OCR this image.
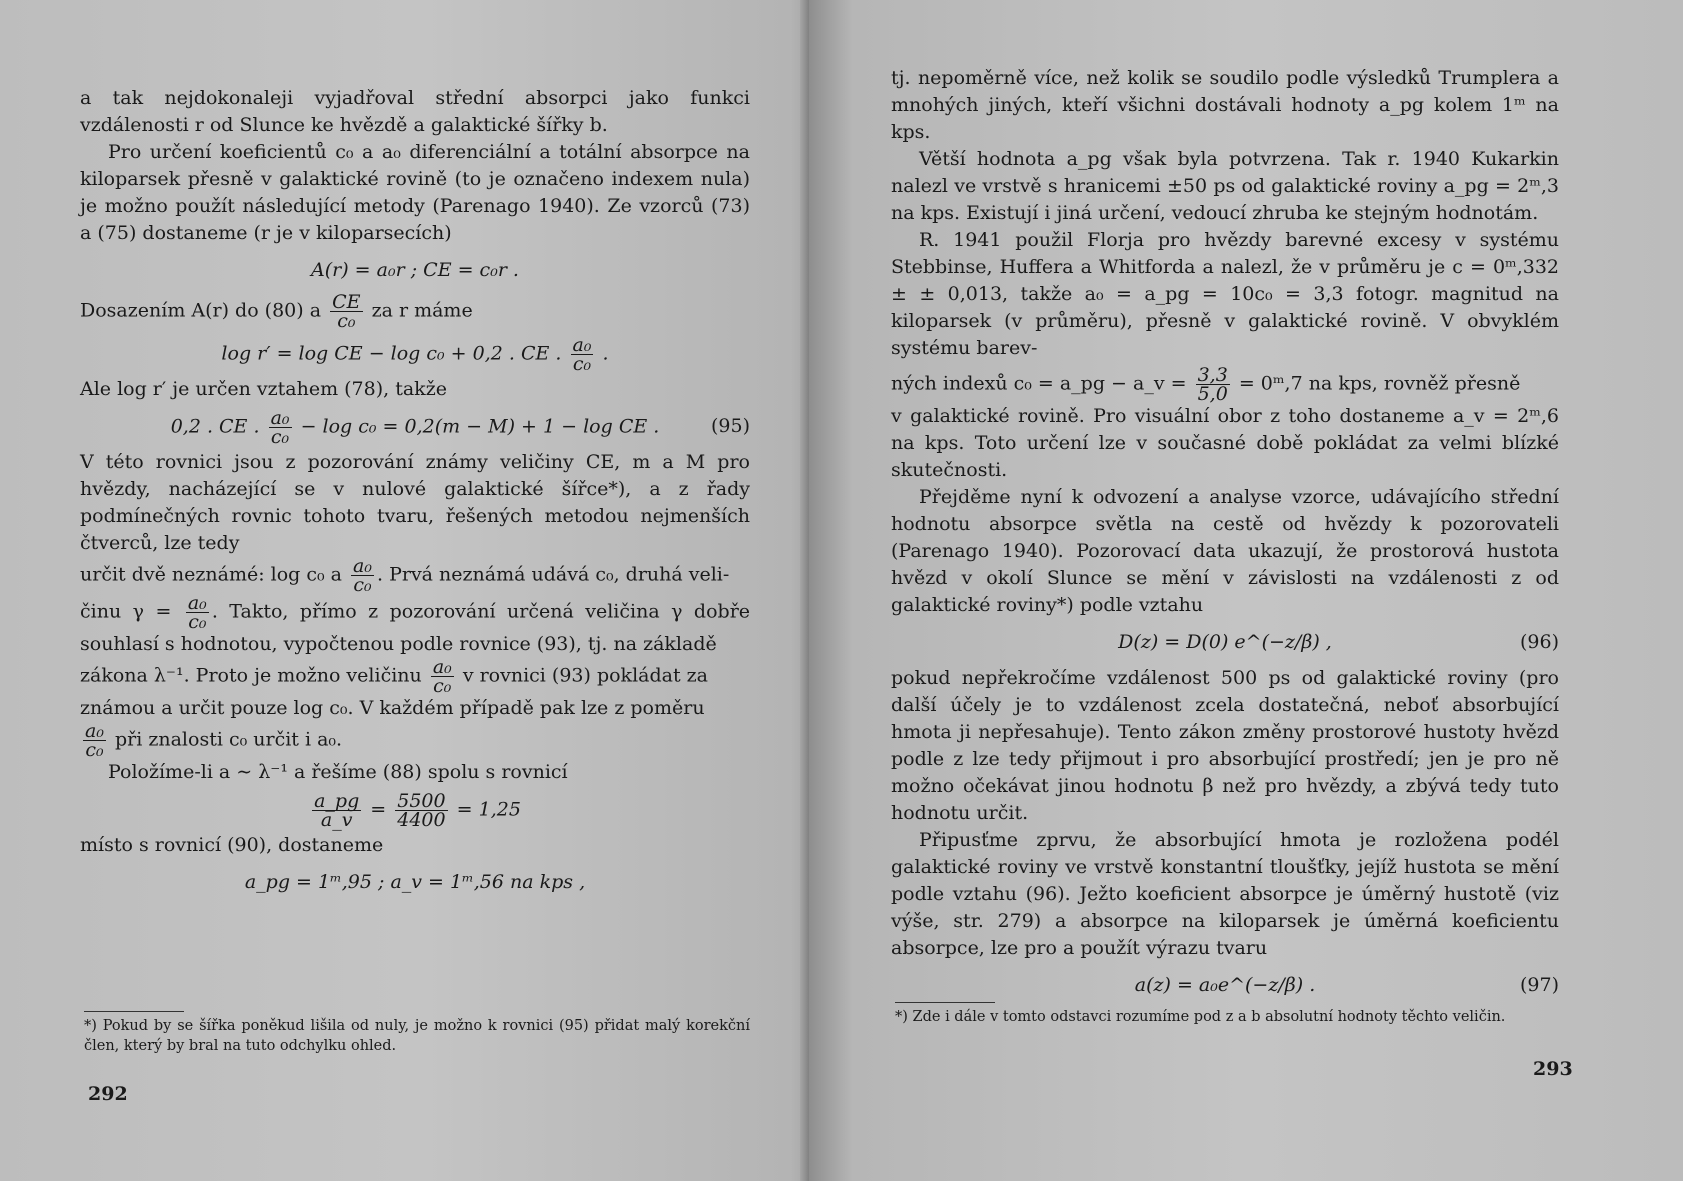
a tak nejdokonaleji vyjadřoval střední absorpci jako funkci vzdálenosti r od Slunce ke hvězdě a galaktické šířky b.

Pro určení koeficientů c₀ a a₀ diferenciální a totální absorpce na kiloparsek přesně v galaktické rovině (to je označeno indexem nula) je možno použít následující metody (Parenago 1940). Ze vzorců (73) a (75) dostaneme (r je v kiloparsecích)

A(r) = a₀r ; CE = c₀r .

Dosazením A(r) do (80) a $\frac{CE}{\text{c₀}}$ za r máme

log r′ = log CE − log c₀ + 0,2 . CE . $\frac{\text{a₀}}{\text{c₀}}$ .

Ale log r′ je určen vztahem (78), takže

0,2 . CE . $\frac{\text{a₀}}{\text{c₀}} - \log c_0 = 0,2(m - M) + 1 - \log$ CE .	(95)

V této rovnici jsou z pozorování známy veličiny CE, m a M pro hvězdy, nacházející se v nulové galaktické šířce*), a z řady podmínečných rovnic tohoto tvaru, řešených metodou nejmenších čtverců, lze tedy

určit dvě neznámé: log c₀ a $\frac{\text{a₀}}{\text{c₀}}$ . Prvá neznámá udává c₀, druhá veli-

činu $\gamma = \frac{\text{a₀}}{\text{c₀}}$ . Takto, přímo z pozorování určená veličina γ dobře souhlasí s hodnotou, vypočtenou podle rovnice (93), tj. na základě

zákona λ⁻¹. Proto je možno veličinu $\frac{\text{a₀}}{\text{c₀}}$ v rovnici (93) pokládat za

známou a určit pouze log c₀. V každém případě pak lze z poměru

$\frac{\text{a₀}}{\text{c₀}}$ při znalosti c₀ určit i a₀.

Položíme-li a ∼ λ⁻¹ a řešíme (88) spolu s rovnicí

$\frac{a\_pg}{a\_v} = \frac{5500}{4400} = 1,25$

místo s rovnicí (90), dostaneme

a_pg = 1ᵐ,95 ; a_v = 1ᵐ,56 na kps ,
*) Pokud by se šířka poněkud lišila od nuly, je možno k rovnici (95) přidat malý korekční člen, který by bral na tuto odchylku ohled.
292

tj. nepoměrně více, než kolik se soudilo podle výsledků Trumplera a mnohých jiných, kteří všichni dostávali hodnoty a_pg kolem 1ᵐ na kps.

Větší hodnota a_pg však byla potvrzena. Tak r. 1940 Kukarkin nalezl ve vrstvě s hranicemi ±50 ps od galaktické roviny a_pg = 2ᵐ,3 na kps. Existují i jiná určení, vedoucí zhruba ke stejným hodnotám.

R. 1941 použil Florja pro hvězdy barevné excesy v systému Stebbinse, Huffera a Whitforda a nalezl, že v průměru je c = 0ᵐ,332 ± ± 0,013, takže a₀ = a_pg = 10c₀ = 3,3 fotogr. magnitud na kiloparsek (v průměru), přesně v galaktické rovině. V obvyklém systému barev-

ných indexů c₀ = a_pg − a_v = $\frac{3,3}{5,0}$ = 0ᵐ,7 na kps, rovněž přesně

v galaktické rovině. Pro visuální obor z toho dostaneme a_v = 2ᵐ,6 na kps. Toto určení lze v současné době pokládat za velmi blízké skutečnosti.

Přejděme nyní k odvození a analyse vzorce, udávajícího střední hodnotu absorpce světla na cestě od hvězdy k pozorovateli (Parenago 1940). Pozorovací data ukazují, že prostorová hustota hvězd v okolí Slunce se mění v závislosti na vzdálenosti z od galaktické roviny*) podle vztahu

D(z) = D(0) e^(−z/β) ,	(96)

pokud nepřekročíme vzdálenost 500 ps od galaktické roviny (pro další účely je to vzdálenost zcela dostatečná, neboť absorbující hmota ji nepřesahuje). Tento zákon změny prostorové hustoty hvězd podle z lze tedy přijmout i pro absorbující prostředí; jen je pro ně možno očekávat jinou hodnotu β než pro hvězdy, a zbývá tedy tuto hodnotu určit.

Připusťme zprvu, že absorbující hmota je rozložena podél galaktické roviny ve vrstvě konstantní tloušťky, jejíž hustota se mění podle vztahu (96). Ježto koeficient absorpce je úměrný hustotě (viz výše, str. 279) a absorpce na kiloparsek je úměrná koeficientu absorpce, lze pro a použít výrazu tvaru

a(z) = a₀e^(−z/β) .	(97)
*) Zde i dále v tomto odstavci rozumíme pod z a b absolutní hodnoty těchto veličin.
293
